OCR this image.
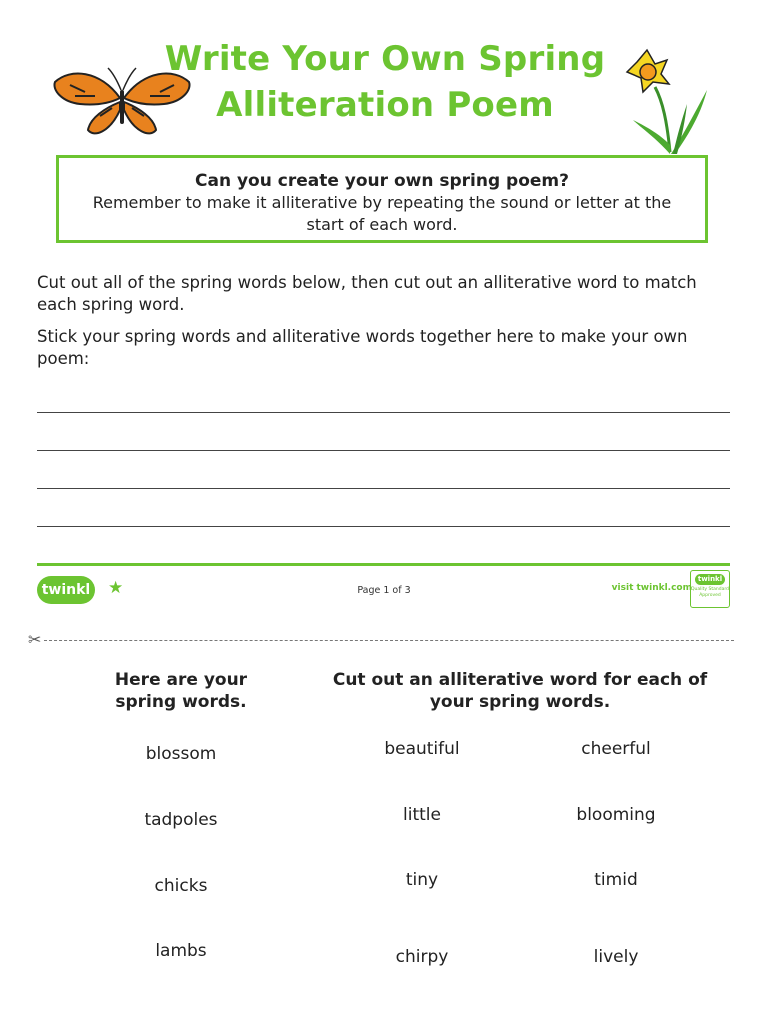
Write Your Own Spring
Alliteration Poem
Can you create your own spring poem?
Remember to make it alliterative by repeating the sound or letter at the start of each word.
Cut out all of the spring words below, then cut out an alliterative word to match each spring word.
Stick your spring words and alliterative words together here to make your own poem:
twinkl ★	Page 1 of 3	visit twinkl.com
twinkl
Quality Standard Approved
✂
Here are your spring words.
Cut out an alliterative word for each of your spring words.
blossom
tadpoles
chicks
lambs
beautiful
little
tiny
chirpy
cheerful
blooming
timid
lively
